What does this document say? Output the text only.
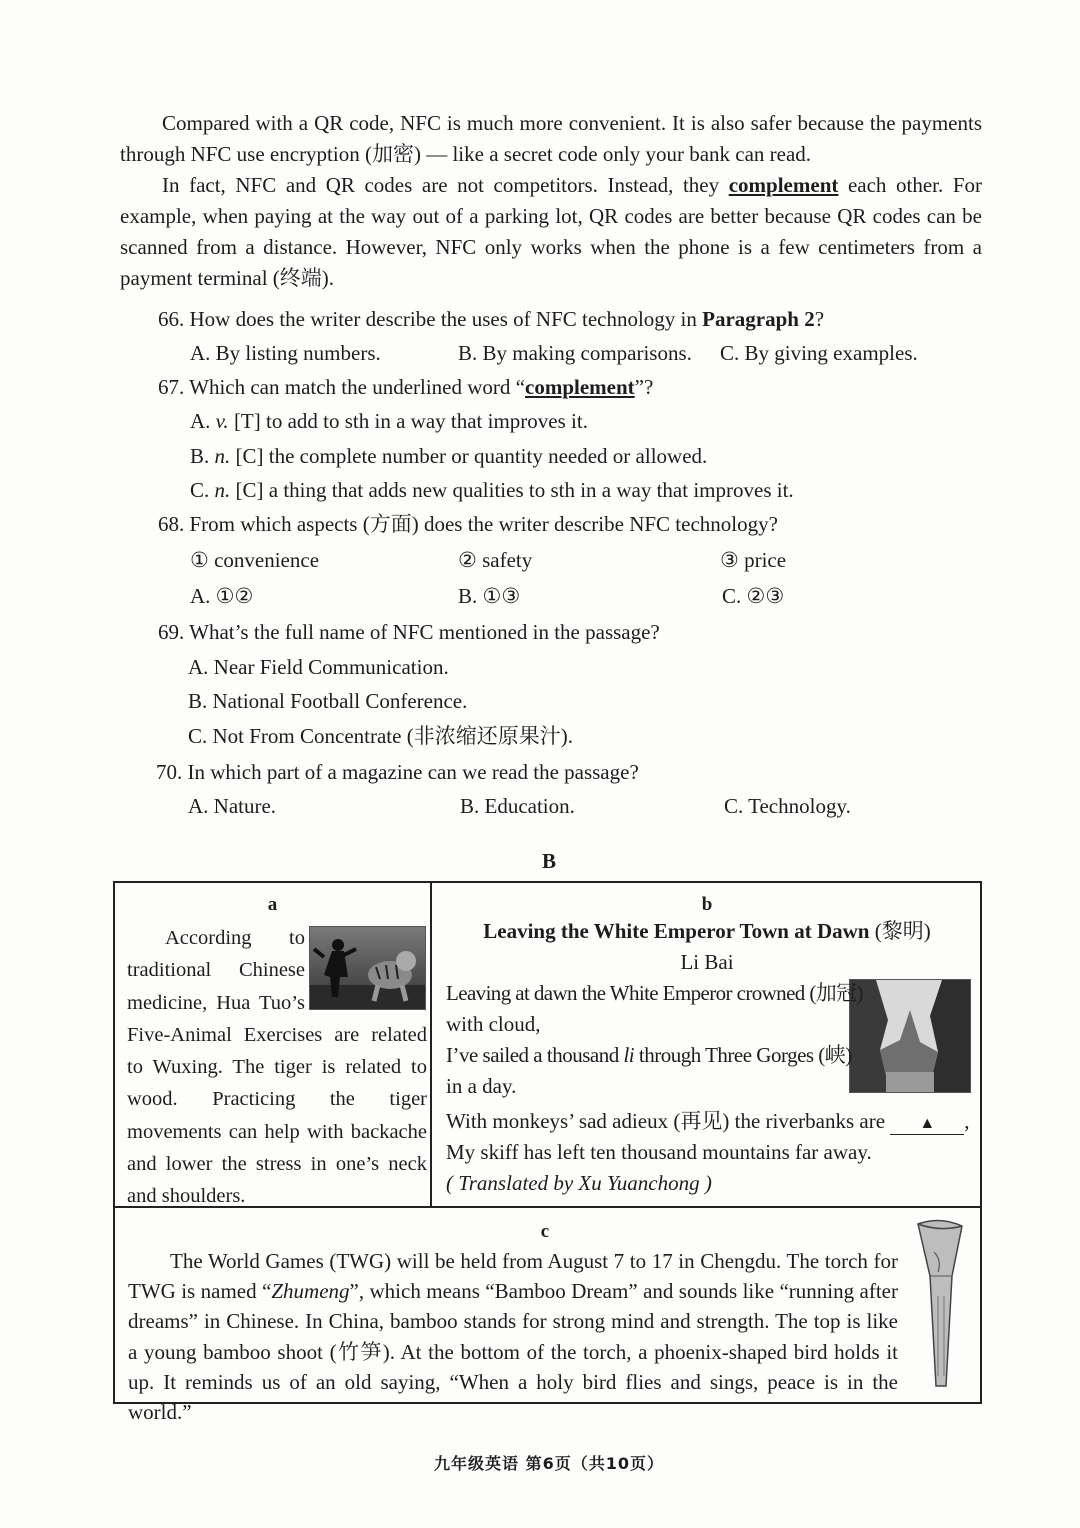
Compared with a QR code, NFC is much more convenient. It is also safer because the payments through NFC use encryption (加密) — like a secret code only your bank can read.

In fact, NFC and QR codes are not competitors. Instead, they complement each other. For example, when paying at the way out of a parking lot, QR codes are better because QR codes can be scanned from a distance. However, NFC only works when the phone is a few centimeters from a payment terminal (终端).

66. How does the writer describe the uses of NFC technology in Paragraph 2?

A. By listing numbers.	B. By making comparisons. C. By giving examples.

67. Which can match the underlined word “complement”?

A. v. [T] to add to sth in a way that improves it.
B. n. [C] the complete number or quantity needed or allowed.
C. n. [C] a thing that adds new qualities to sth in a way that improves it.

68. From which aspects (方面) does the writer describe NFC technology?

① convenience	② safety	③ price
A. ①②	B. ①③	C. ②③

69. What’s the full name of NFC mentioned in the passage?

A. Near Field Communication.
B. National Football Conference.
C. Not From Concentrate (非浓缩还原果汁).

70. In which part of a magazine can we read the passage?

A. Nature.	B. Education.	C. Technology.

B

a

According to traditional Chinese medicine, Hua Tuo’s Five-Animal Exercises are related to Wuxing. The tiger is related to wood. Practicing the tiger movements can help with backache and lower the stress in one’s neck and shoulders.

b

Leaving the White Emperor Town at Dawn (黎明)

Li Bai

Leaving at dawn the White Emperor crowned (加冠)

with cloud,

I’ve sailed a thousand li through Three Gorges (峡)

in a day.

With monkeys’ sad adieux (再见) the riverbanks are ▲ ,

My skiff has left ten thousand mountains far away.

( Translated by Xu Yuanchong )

c

The World Games (TWG) will be held from August 7 to 17 in Chengdu. The torch for TWG is named “Zhumeng”, which means “Bamboo Dream” and sounds like “running after dreams” in Chinese. In China, bamboo stands for strong mind and strength. The top is like a young bamboo shoot (竹笋). At the bottom of the torch, a phoenix-shaped bird holds it up. It reminds us of an old saying, “When a holy bird flies and sings, peace is in the world.”

九年级英语 第6页（共10页）
